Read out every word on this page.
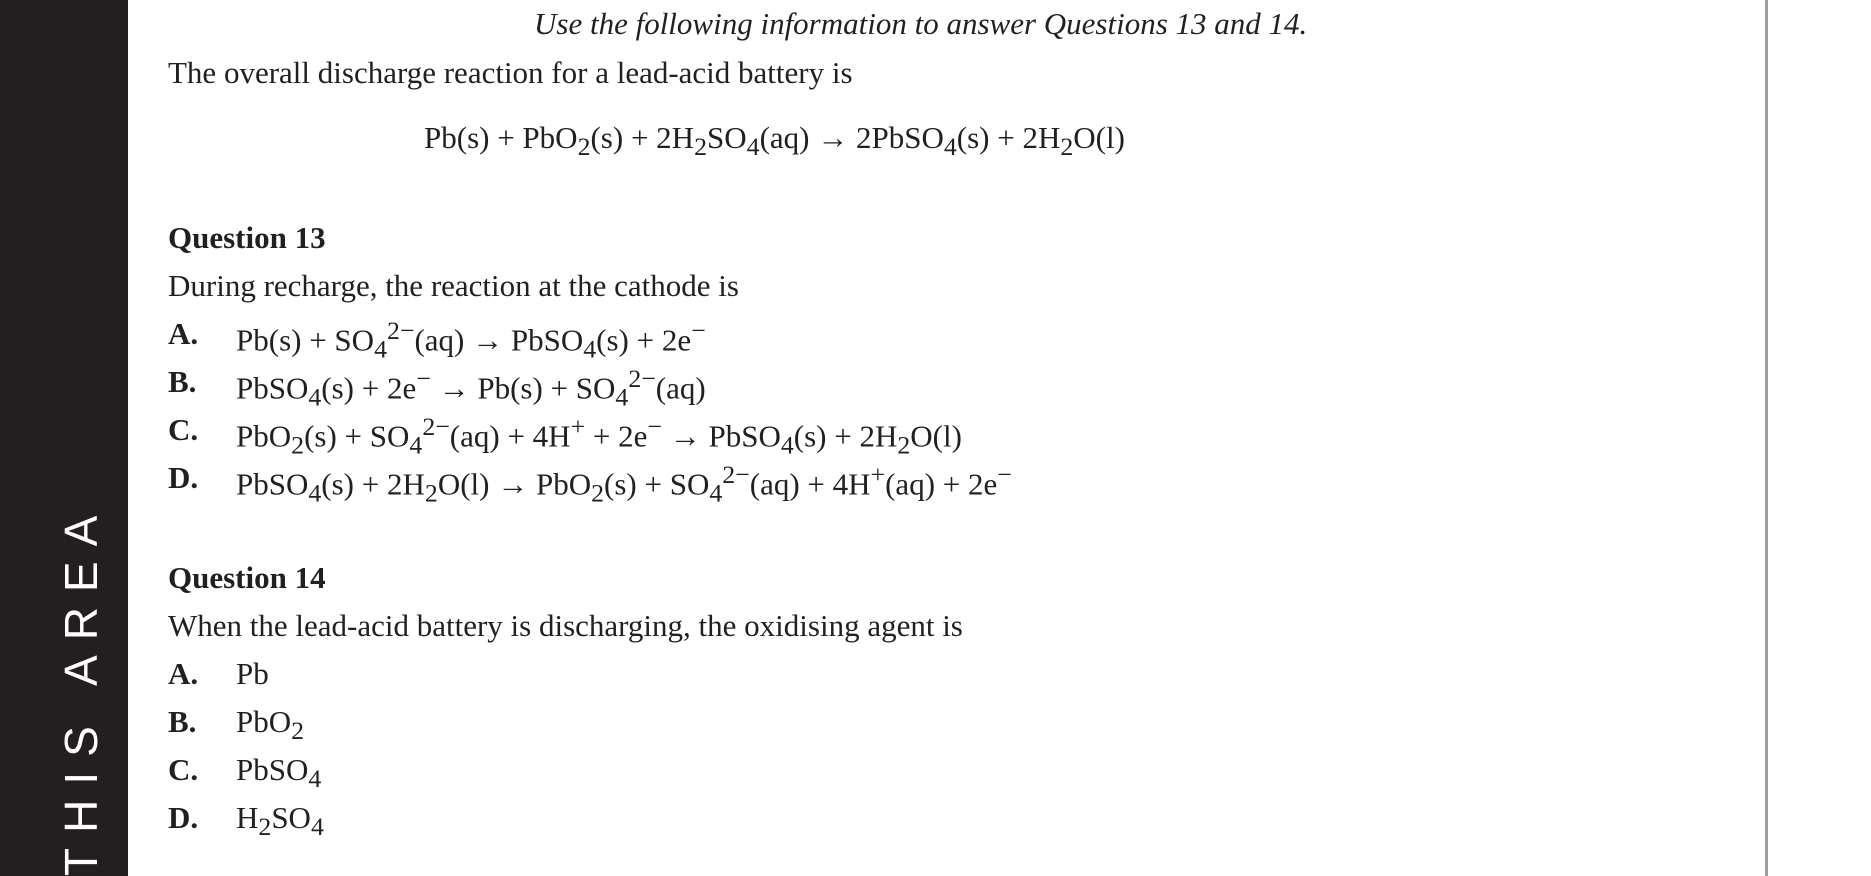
THIS AREA

Use the following information to answer Questions 13 and 14.

The overall discharge reaction for a lead-acid battery is

$Pb(s) + PbO_2(s) + 2H_2SO_4(aq)$ → 2PbSO$_4$(s) + $2H_2O(l)$

Question 13

During recharge, the reaction at the cathode is

A. $Pb(s) + SO_4^{2-}(aq)$ → PbSO$_4$(s) + 2e−
B. PbSO$_4$(s) + $2e^- \to Pb(s) + SO_4^{2-}(aq)$
C. $PbO_2(s) + SO_4^{2-}(aq) + 4H^+ + 2e^-$ → PbSO$_4$(s) + $2H_2O(l)$
D. PbSO$_4$(s) + $2H_2O(l) \to PbO_2(s) + SO_4^{2-}(aq) + 4H^+(aq) + 2e^-$

Question 14

When the lead-acid battery is discharging, the oxidising agent is

A. Pb
B. PbO$_2$
C. PbSO$_4$
D. $H_2SO_4$
